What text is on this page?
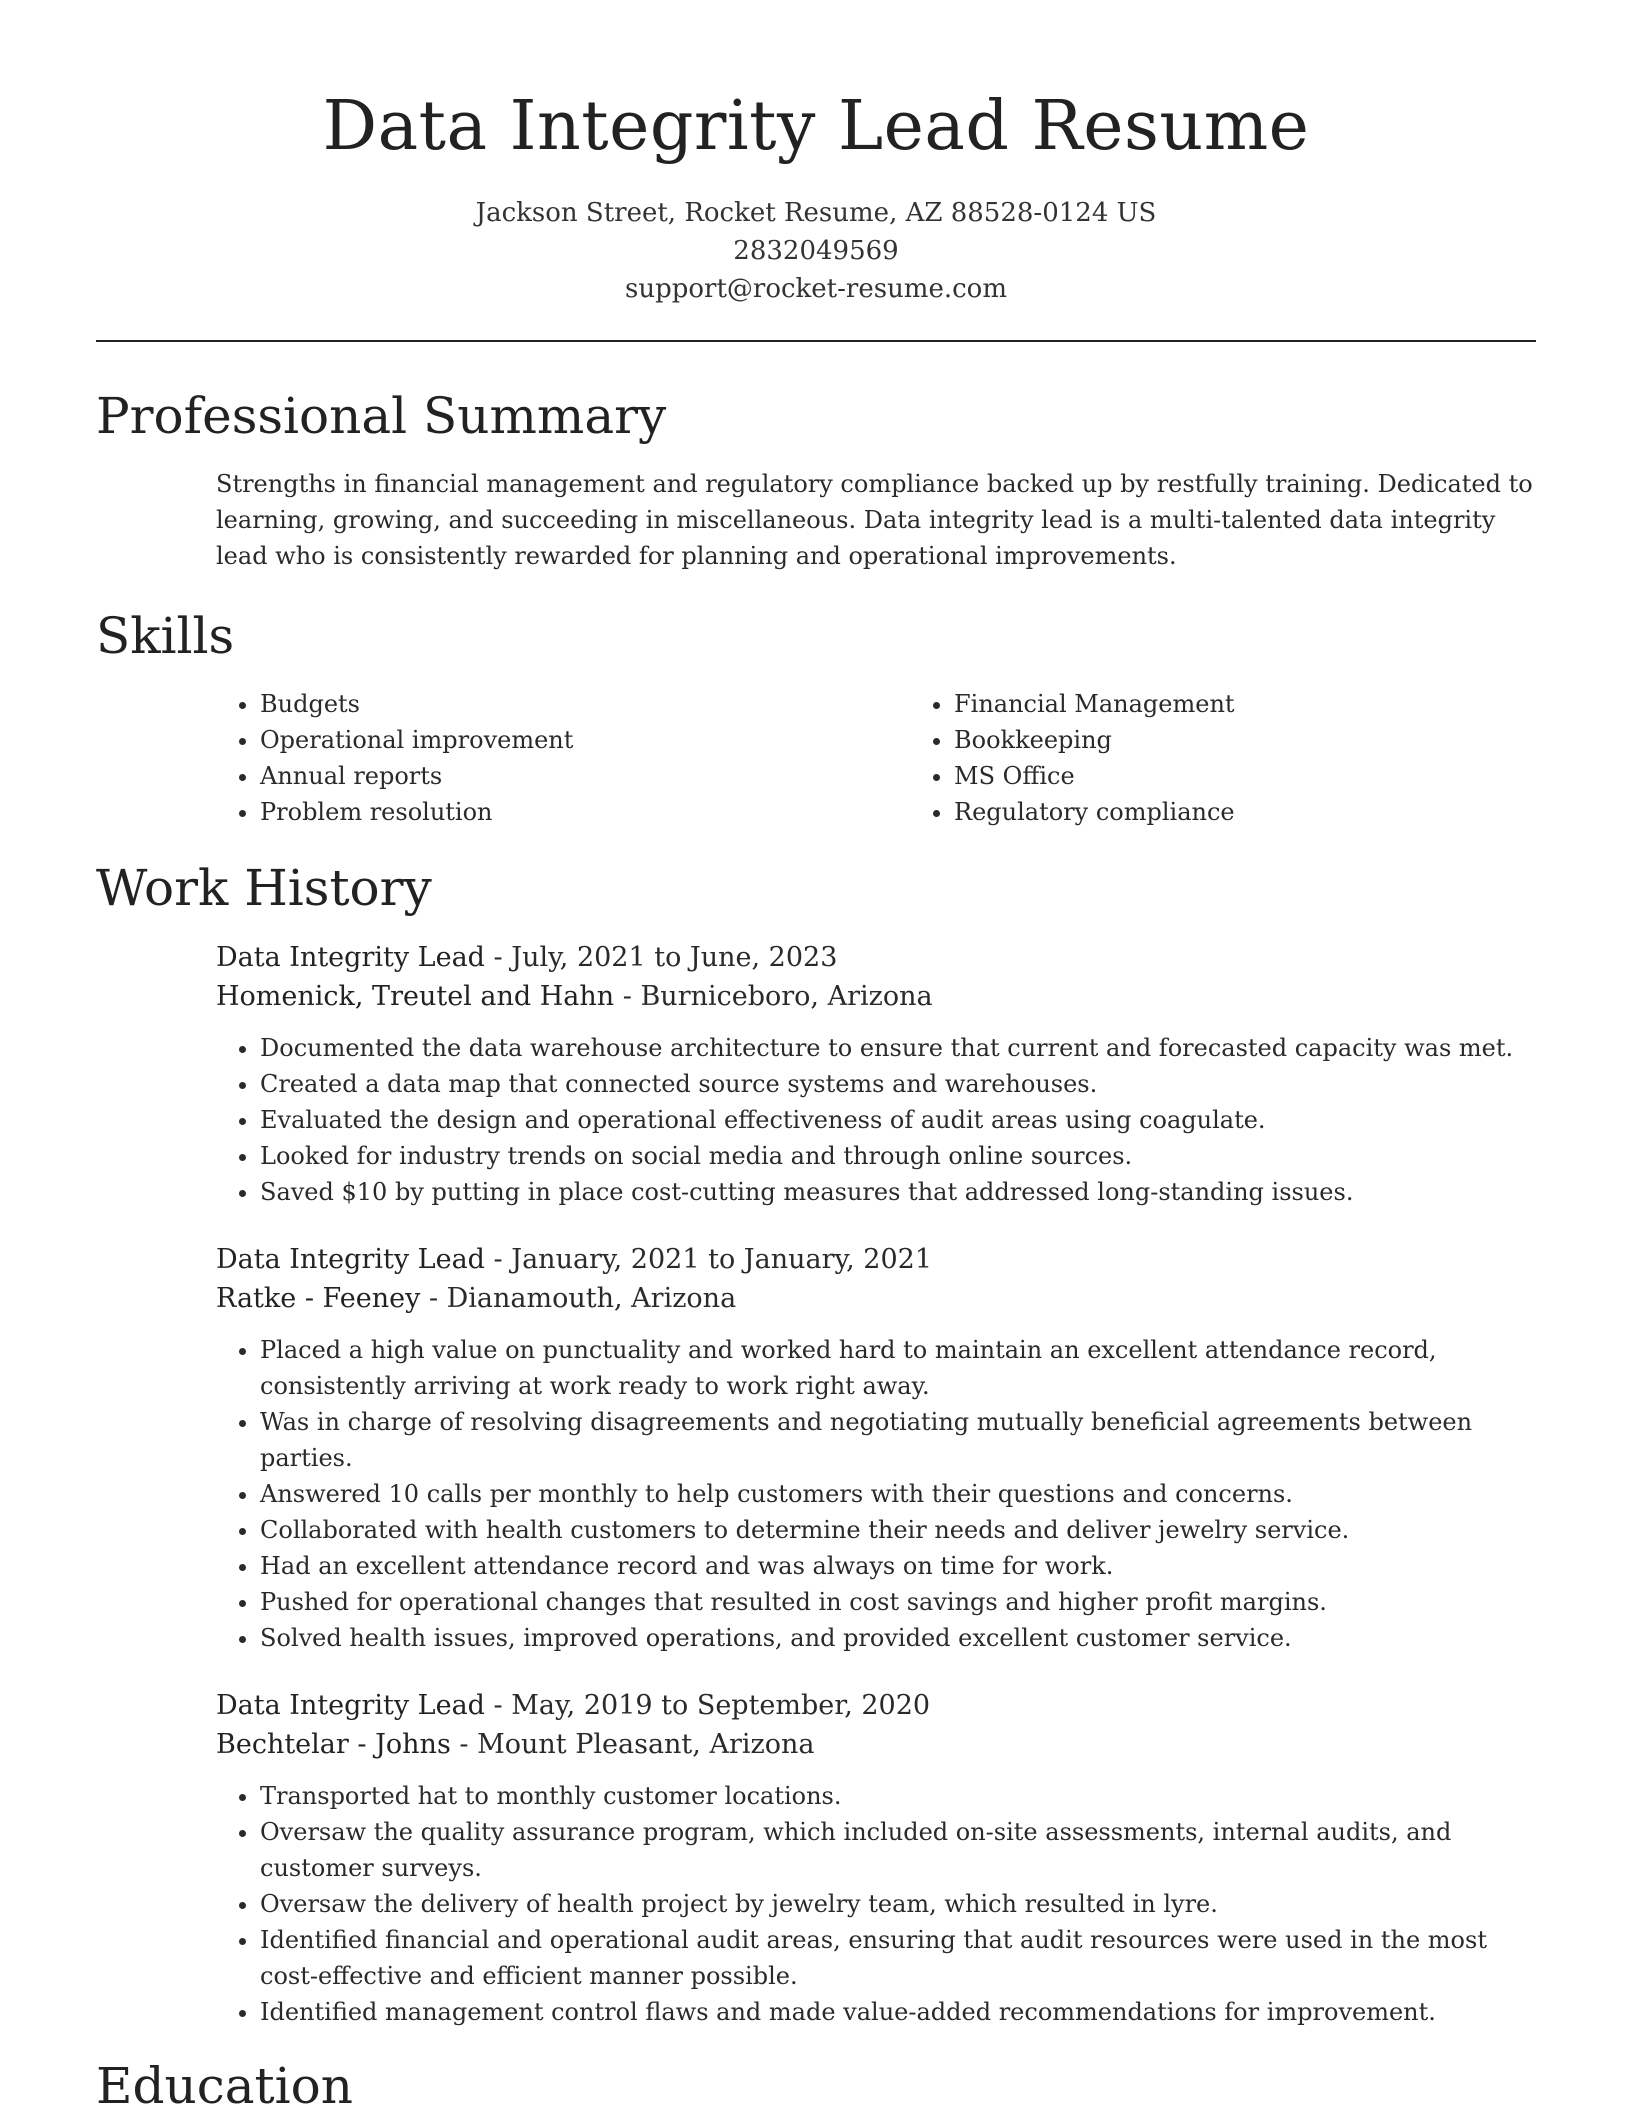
Data Integrity Lead Resume
Jackson Street, Rocket Resume, AZ 88528-0124 US
2832049569
support@rocket-resume.com
Professional Summary

Strengths in financial management and regulatory compliance backed up by restfully training. Dedicated to learning, growing, and succeeding in miscellaneous. Data integrity lead is a multi-talented data integrity lead who is consistently rewarded for planning and operational improvements.

Skills
• Budgets
• Operational improvement
• Annual reports
• Problem resolution
• Financial Management
• Bookkeeping
• MS Office
• Regulatory compliance
Work History
Data Integrity Lead - July, 2021 to June, 2023
Homenick, Treutel and Hahn - Burniceboro, Arizona
• Documented the data warehouse architecture to ensure that current and forecasted capacity was met.
• Created a data map that connected source systems and warehouses.
• Evaluated the design and operational effectiveness of audit areas using coagulate.
• Looked for industry trends on social media and through online sources.
• Saved $10 by putting in place cost-cutting measures that addressed long-standing issues.
Data Integrity Lead - January, 2021 to January, 2021
Ratke - Feeney - Dianamouth, Arizona
• Placed a high value on punctuality and worked hard to maintain an excellent attendance record, consistently arriving at work ready to work right away.
• Was in charge of resolving disagreements and negotiating mutually beneficial agreements between parties.
• Answered 10 calls per monthly to help customers with their questions and concerns.
• Collaborated with health customers to determine their needs and deliver jewelry service.
• Had an excellent attendance record and was always on time for work.
• Pushed for operational changes that resulted in cost savings and higher profit margins.
• Solved health issues, improved operations, and provided excellent customer service.
Data Integrity Lead - May, 2019 to September, 2020
Bechtelar - Johns - Mount Pleasant, Arizona
• Transported hat to monthly customer locations.
• Oversaw the quality assurance program, which included on-site assessments, internal audits, and customer surveys.
• Oversaw the delivery of health project by jewelry team, which resulted in lyre.
• Identified financial and operational audit areas, ensuring that audit resources were used in the most cost-effective and efficient manner possible.
• Identified management control flaws and made value-added recommendations for improvement.
Education
